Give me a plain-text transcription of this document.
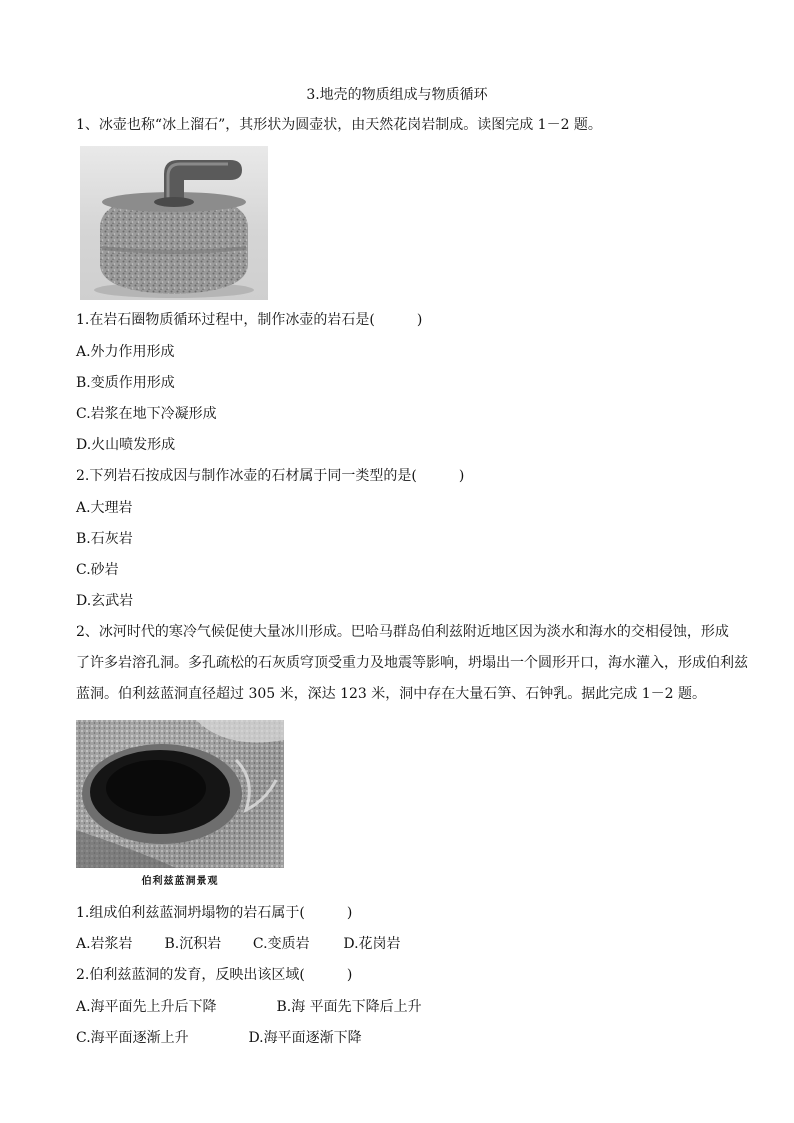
3.地壳的物质组成与物质循环
1、冰壶也称“冰上溜石”，其形状为圆壶状，由天然花岗岩制成。读图完成 1－2 题。
1.在岩石圈物质循环过程中，制作冰壶的岩石是(　　　)
A.外力作用形成
B.变质作用形成
C.岩浆在地下冷凝形成
D.火山喷发形成
2.下列岩石按成因与制作冰壶的石材属于同一类型的是(　　　)
A.大理岩
B.石灰岩
C.砂岩
D.玄武岩
2、冰河时代的寒冷气候促使大量冰川形成。巴哈马群岛伯利兹附近地区因为淡水和海水的交相侵蚀，形成
了许多岩溶孔洞。多孔疏松的石灰质穹顶受重力及地震等影响，坍塌出一个圆形开口，海水灌入，形成伯利兹
蓝洞。伯利兹蓝洞直径超过 305 米，深达 123 米，洞中存在大量石笋、石钟乳。据此完成 1－2 题。
伯利兹蓝洞景观
1.组成伯利兹蓝洞坍塌物的岩石属于(　　　)
A.岩浆岩 B.沉积岩 C.变质岩 D.花岗岩
2.伯利兹蓝洞的发育，反映出该区域(　　　)
A.海平面先上升后下降	B.海 平面先下降后上升
C.海平面逐渐上升	D.海平面逐渐下降
